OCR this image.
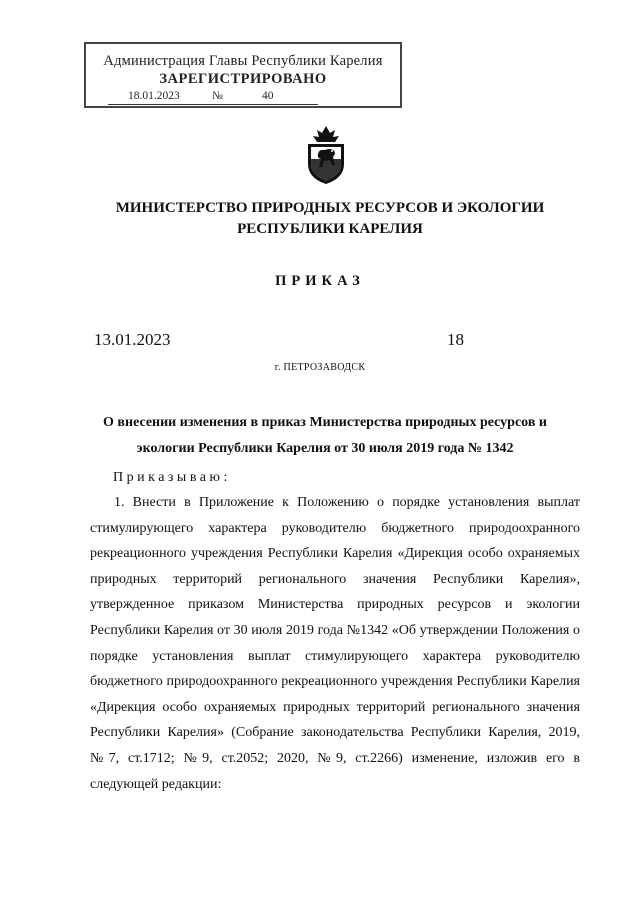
Администрация Главы Республики Карелия
ЗАРЕГИСТРИРОВАНО
18.01.2023	№	40
МИНИСТЕРСТВО ПРИРОДНЫХ РЕСУРСОВ И ЭКОЛОГИИ
РЕСПУБЛИКИ КАРЕЛИЯ
ПРИКАЗ
13.01.2023	18
г. ПЕТРОЗАВОДСК
О внесении изменения в приказ Министерства природных ресурсов и
экологии Республики Карелия от 30 июля 2019 года № 1342
Приказываю:
1. Внести в Приложение к Положению о порядке установления выплат стимулирующего характера руководителю бюджетного природоохранного рекреационного учреждения Республики Карелия «Дирекция особо охраняемых природных территорий регионального значения Республики Карелия», утвержденное приказом Министерства природных ресурсов и экологии Республики Карелия от 30 июля 2019 года №1342 «Об утверждении Положения о порядке установления выплат стимулирующего характера руководителю бюджетного природоохранного рекреационного учреждения Республики Карелия «Дирекция особо охраняемых природных территорий регионального значения Республики Карелия» (Собрание законодательства Республики Карелия, 2019, №7, ст.1712; №9, ст.2052; 2020, №9, ст.2266) изменение, изложив его в следующей редакции:
